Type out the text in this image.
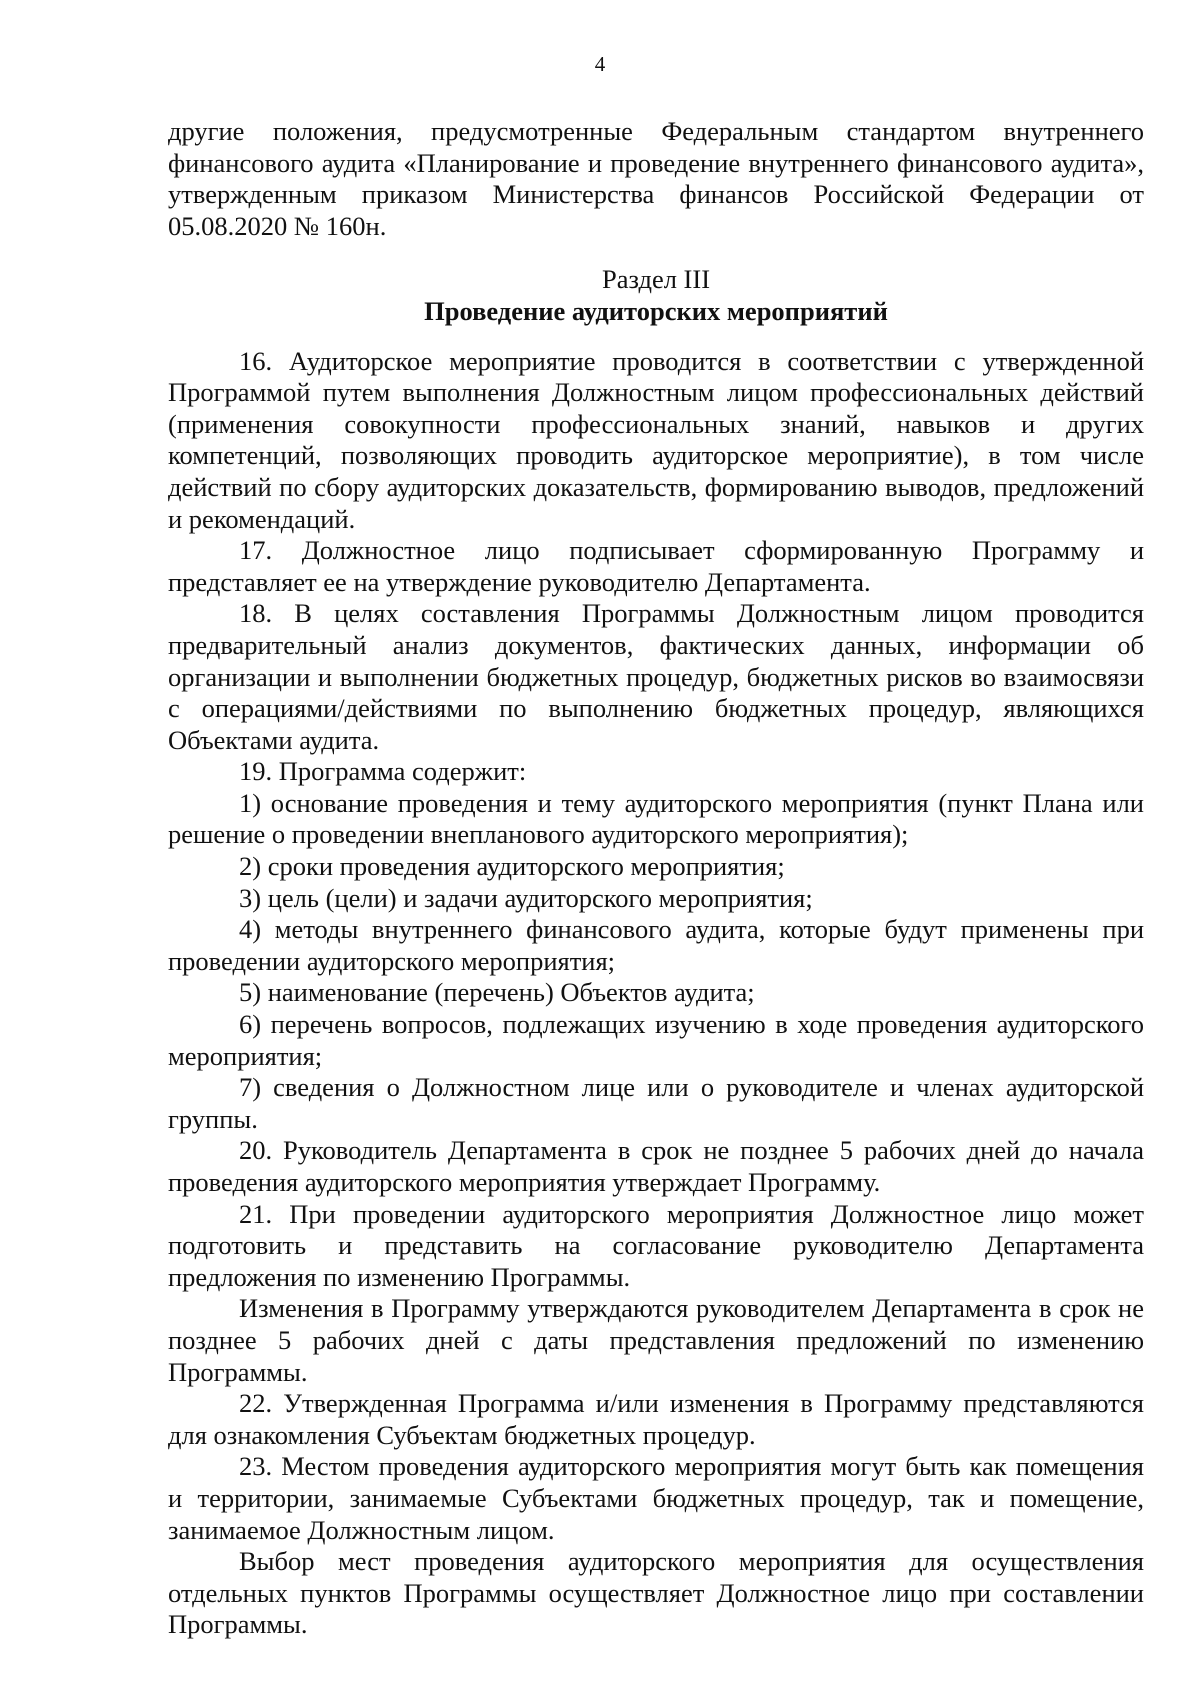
4

другие положения, предусмотренные Федеральным стандартом внутреннего финансового аудита «Планирование и проведение внутреннего финансового аудита», утвержденным приказом Министерства финансов Российской Федерации от 05.08.2020 № 160н.

Раздел III

Проведение аудиторских мероприятий

16. Аудиторское мероприятие проводится в соответствии с утвержденной Программой путем выполнения Должностным лицом профессиональных действий (применения совокупности профессиональных знаний, навыков и других компетенций, позволяющих проводить аудиторское мероприятие), в том числе действий по сбору аудиторских доказательств, формированию выводов, предложений и рекомендаций.

17. Должностное лицо подписывает сформированную Программу и представляет ее на утверждение руководителю Департамента.

18. В целях составления Программы Должностным лицом проводится предварительный анализ документов, фактических данных, информации об организации и выполнении бюджетных процедур, бюджетных рисков во взаимосвязи с операциями/действиями по выполнению бюджетных процедур, являющихся Объектами аудита.

19. Программа содержит:

1) основание проведения и тему аудиторского мероприятия (пункт Плана или решение о проведении внепланового аудиторского мероприятия);

2) сроки проведения аудиторского мероприятия;

3) цель (цели) и задачи аудиторского мероприятия;

4) методы внутреннего финансового аудита, которые будут применены при проведении аудиторского мероприятия;

5) наименование (перечень) Объектов аудита;

6) перечень вопросов, подлежащих изучению в ходе проведения аудиторского мероприятия;

7) сведения о Должностном лице или о руководителе и членах аудиторской группы.

20. Руководитель Департамента в срок не позднее 5 рабочих дней до начала проведения аудиторского мероприятия утверждает Программу.

21. При проведении аудиторского мероприятия Должностное лицо может подготовить и представить на согласование руководителю Департамента предложения по изменению Программы.

Изменения в Программу утверждаются руководителем Департамента в срок не позднее 5 рабочих дней с даты представления предложений по изменению Программы.

22. Утвержденная Программа и/или изменения в Программу представляются для ознакомления Субъектам бюджетных процедур.

23. Местом проведения аудиторского мероприятия могут быть как помещения и территории, занимаемые Субъектами бюджетных процедур, так и помещение, занимаемое Должностным лицом.

Выбор мест проведения аудиторского мероприятия для осуществления отдельных пунктов Программы осуществляет Должностное лицо при составлении Программы.
